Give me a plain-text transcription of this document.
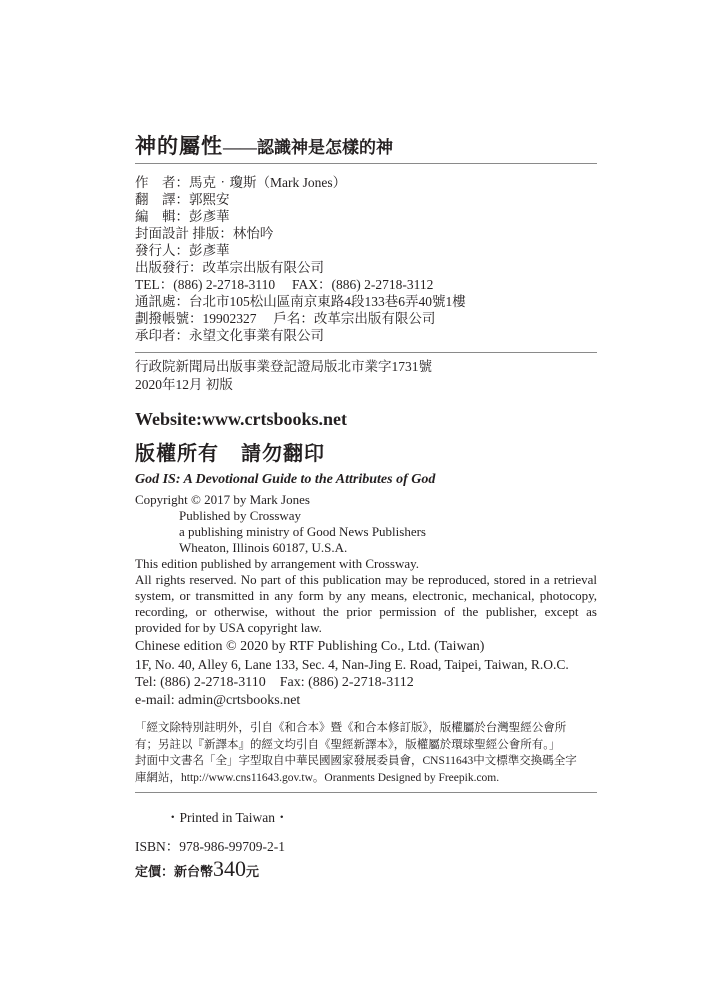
神的屬性——認識神是怎樣的神
作　者：馬克‧瓊斯（Mark Jones）
翻　譯：郭熙安
編　輯：彭彥華
封面設計 排版：林怡吟
發行人：彭彥華
出版發行：改革宗出版有限公司
TEL：(886) 2-2718-3110　 FAX：(886) 2-2718-3112
通訊處：台北市105松山區南京東路4段133巷6弄40號1樓
劃撥帳號：19902327　 戶名：改革宗出版有限公司
承印者：永望文化事業有限公司
行政院新聞局出版事業登記證局版北市業字1731號
2020年12月 初版
Website:www.crtsbooks.net
版權所有 請勿翻印
God IS: A Devotional Guide to the Attributes of God
Copyright © 2017 by Mark Jones
Published by Crossway
a publishing ministry of Good News Publishers
Wheaton, Illinois 60187, U.S.A.
This edition published by arrangement with Crossway.
All rights reserved. No part of this publication may be reproduced, stored in a retrieval system, or transmitted in any form by any means, electronic, mechanical, photocopy, recording, or otherwise, without the prior permission of the publisher, except as provided for by USA copyright law.
Chinese edition © 2020 by RTF Publishing Co., Ltd. (Taiwan)
1F, No. 40, Alley 6, Lane 133, Sec. 4, Nan-Jing E. Road, Taipei, Taiwan, R.O.C.
Tel: (886) 2-2718-3110　Fax: (886) 2-2718-3112
e-mail: admin@crtsbooks.net
「經文除特別註明外，引自《和合本》暨《和合本修訂版》，版權屬於台灣聖經公會所
有；另註以『新譯本』的經文均引自《聖經新譯本》，版權屬於環球聖經公會所有。」
封面中文書名「全」字型取自中華民國國家發展委員會，CNS11643中文標準交換碼全字
庫網站，http://www.cns11643.gov.tw。Oranments Designed by Freepik.com.
・Printed in Taiwan・
ISBN：978-986-99709-2-1
定價：新台幣340元
